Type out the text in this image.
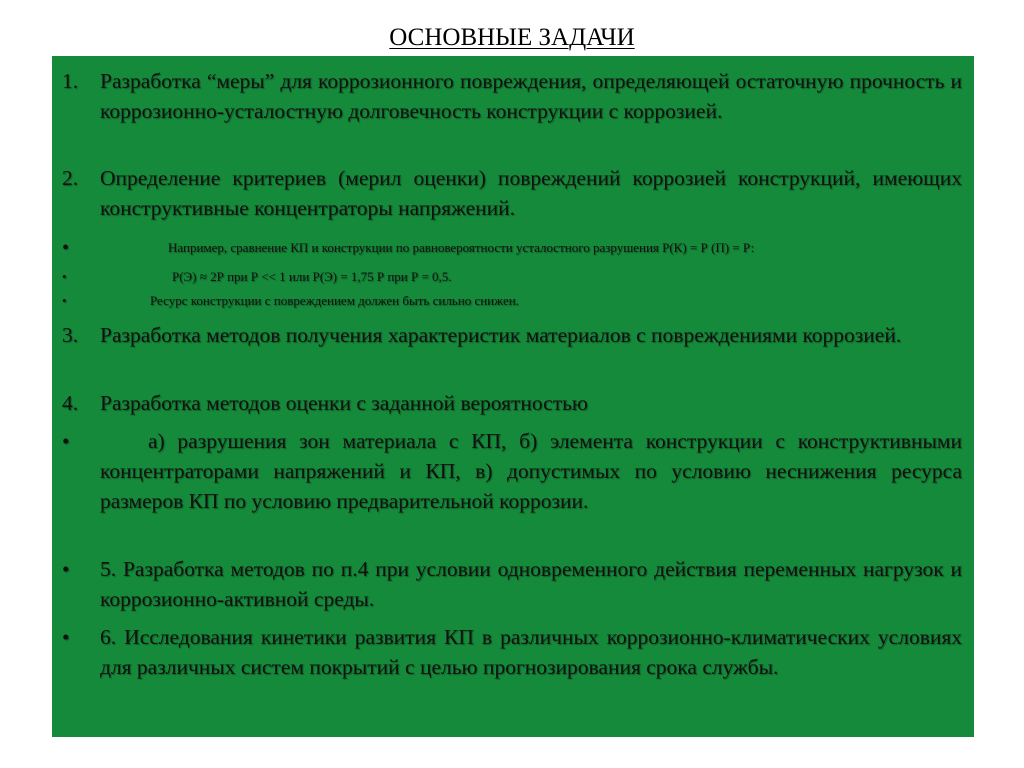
ОСНОВНЫЕ ЗАДАЧИ
1.	Разработка “меры” для коррозионного повреждения, определяющей остаточную прочность и коррозионно-усталостную долговечность конструкции с коррозией.
2.	Определение критериев (мерил оценки) повреждений коррозией конструкций, имеющих конструктивные концентраторы напряжений.
•	Например, сравнение КП и конструкции по равновероятности усталостного разрушения Р(К) = Р (П) = Р:
•	Р(Э) ≈ 2Р при Р << 1 или Р(Э) = 1,75 Р при Р = 0,5.
•	Ресурс конструкции с повреждением должен быть сильно снижен.
3.	Разработка методов получения характеристик материалов с повреждениями коррозией.
4.	Разработка методов оценки с заданной вероятностью
•	а) разрушения зон материала с КП, б) элемента конструкции с конструктивными концентраторами напряжений и КП, в) допустимых по условию неснижения ресурса размеров КП по условию предварительной коррозии.
•	5. Разработка методов по п.4 при условии одновременного действия переменных нагрузок и коррозионно-активной среды.
•	6. Исследования кинетики развития КП в различных коррозионно-климатических условиях для различных систем покрытий с целью прогнозирования срока службы.
